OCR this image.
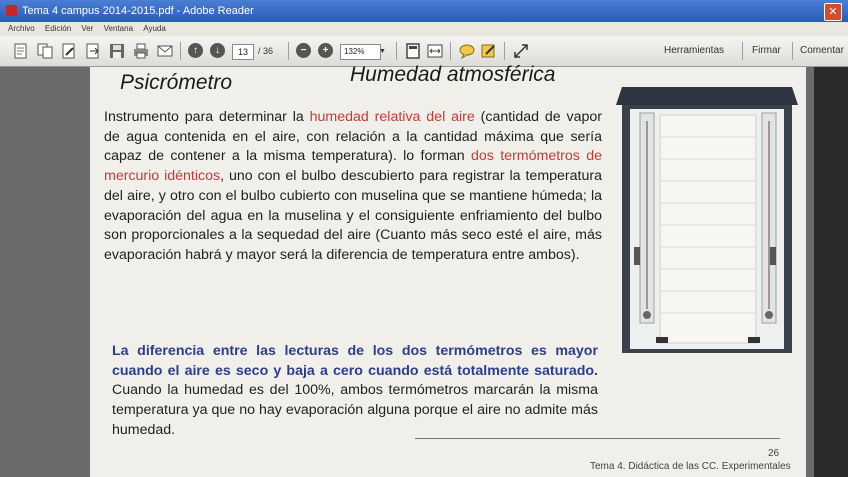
Tema 4 campus 2014-2015.pdf - Adobe Reader	✕
Archivo Edición Ver Ventana Ayuda
↑	↓	13	/ 36	−	+	132%	▼	Herramientas	Firmar Comentar
Psicrómetro	Humedad atmosférica
Instrumento para determinar la humedad relativa del aire (cantidad de vapor de agua contenida en el aire, con relación a la cantidad máxima que sería capaz de contener a la misma temperatura). lo forman dos termómetros de mercurio idénticos, uno con el bulbo descubierto para registrar la temperatura del aire, y otro con el bulbo cubierto con muselina que se mantiene húmeda; la evaporación del agua en la muselina y el consiguiente enfriamiento del bulbo son proporcionales a la sequedad del aire (Cuanto más seco esté el aire, más evaporación habrá y mayor será la diferencia de temperatura entre ambos).
La diferencia entre las lecturas de los dos termómetros es mayor cuando el aire es seco y baja a cero cuando está totalmente saturado. Cuando la humedad es del 100%, ambos termómetros marcarán la misma temperatura ya que no hay evaporación alguna porque el aire no admite más humedad.
26
Tema 4. Didáctica de las CC. Experimentales
